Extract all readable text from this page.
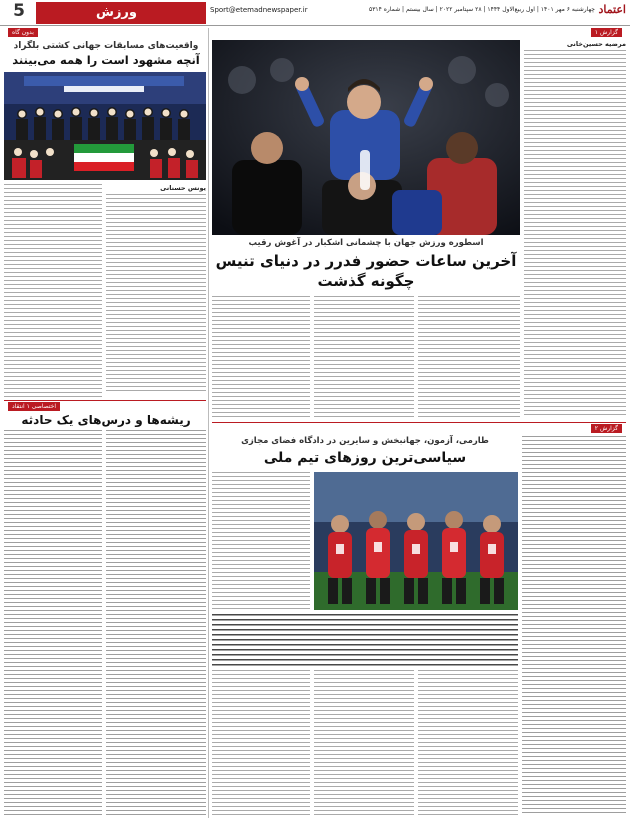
5	ورزش	Sport@etemadnewspaper.ir	چهارشنبه ۶ مهر ۱۴۰۱ | اول ربیع‌الاول ۱۴۴۴ | ۲۸ سپتامبر ۲۰۲۲ | سال بیستم | شماره ۵۳۱۴ اعتماد
بدون گاه
واقعیت‌های مسابقات جهانی کشتی بلگراد
آنچه مشهود است را همه می‌بینند
یونس حسنانی
اختصاصی ۱ انتقاد
ریشه‌ها و درس‌های یک حادثه
گزارش ۱
مرضیه حسین‌خانی
اسطوره ورزش جهان با چشمانی اشکبار در آغوش رقیب
آخرین ساعات حضور فدرر در دنیای تنیس
چگونه گذشت
گزارش ۲
طارمی، آزمون، جهانبخش و سایرین در دادگاه فضای مجازی
سیاسی‌ترین روزهای تیم ملی
